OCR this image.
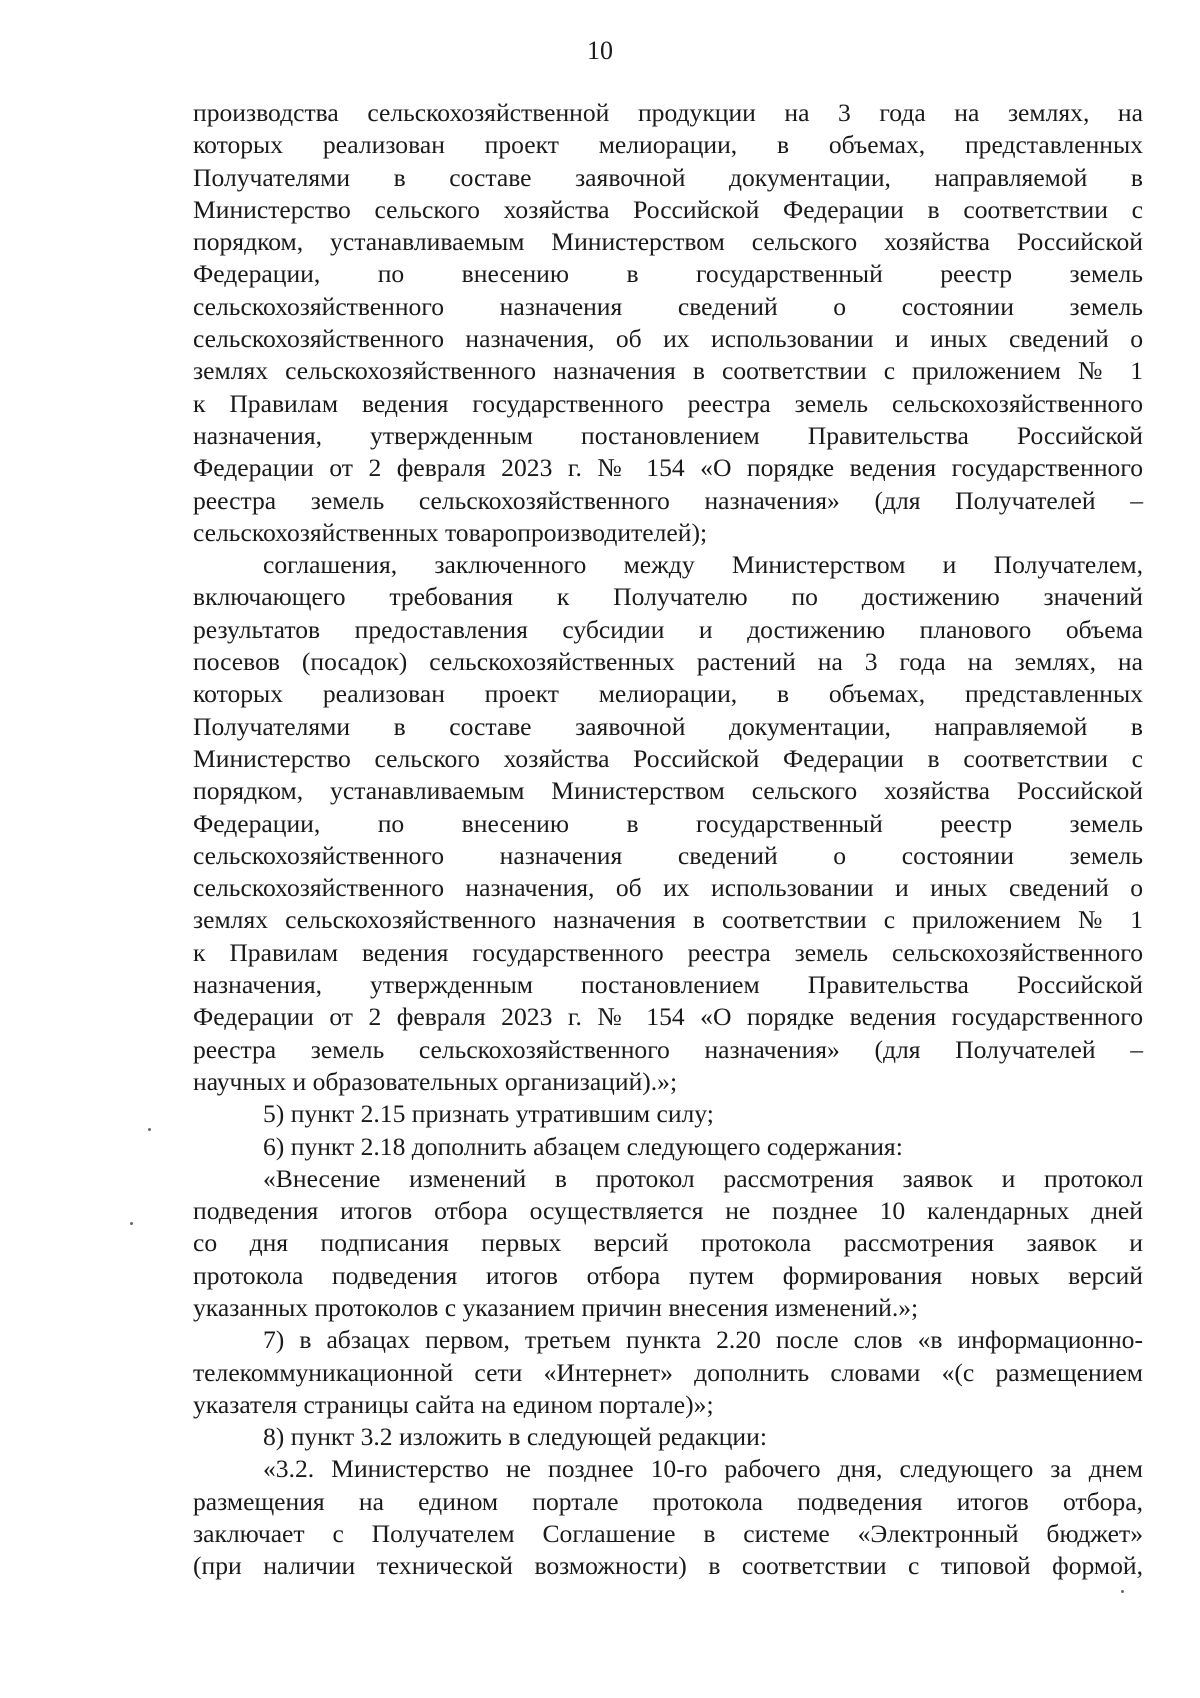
10
производства сельскохозяйственной продукции на 3 года на землях, на
которых реализован проект мелиорации, в объемах, представленных
Получателями в составе заявочной документации, направляемой в
Министерство сельского хозяйства Российской Федерации в соответствии с
порядком, устанавливаемым Министерством сельского хозяйства Российской
Федерации, по внесению в государственный реестр земель
сельскохозяйственного назначения сведений о состоянии земель
сельскохозяйственного назначения, об их использовании и иных сведений о
землях сельскохозяйственного назначения в соответствии с приложением № 1
к Правилам ведения государственного реестра земель сельскохозяйственного
назначения, утвержденным постановлением Правительства Российской
Федерации от 2 февраля 2023 г. № 154 «О порядке ведения государственного
реестра земель сельскохозяйственного назначения» (для Получателей –
сельскохозяйственных товаропроизводителей);
соглашения, заключенного между Министерством и Получателем,
включающего требования к Получателю по достижению значений
результатов предоставления субсидии и достижению планового объема
посевов (посадок) сельскохозяйственных растений на 3 года на землях, на
которых реализован проект мелиорации, в объемах, представленных
Получателями в составе заявочной документации, направляемой в
Министерство сельского хозяйства Российской Федерации в соответствии с
порядком, устанавливаемым Министерством сельского хозяйства Российской
Федерации, по внесению в государственный реестр земель
сельскохозяйственного назначения сведений о состоянии земель
сельскохозяйственного назначения, об их использовании и иных сведений о
землях сельскохозяйственного назначения в соответствии с приложением № 1
к Правилам ведения государственного реестра земель сельскохозяйственного
назначения, утвержденным постановлением Правительства Российской
Федерации от 2 февраля 2023 г. № 154 «О порядке ведения государственного
реестра земель сельскохозяйственного назначения» (для Получателей –
научных и образовательных организаций).»;
5) пункт 2.15 признать утратившим силу;
6) пункт 2.18 дополнить абзацем следующего содержания:
«Внесение изменений в протокол рассмотрения заявок и протокол
подведения итогов отбора осуществляется не позднее 10 календарных дней
со дня подписания первых версий протокола рассмотрения заявок и
протокола подведения итогов отбора путем формирования новых версий
указанных протоколов с указанием причин внесения изменений.»;
7) в абзацах первом, третьем пункта 2.20 после слов «в информационно-
телекоммуникационной сети «Интернет» дополнить словами «(с размещением
указателя страницы сайта на едином портале)»;
8) пункт 3.2 изложить в следующей редакции:
«3.2. Министерство не позднее 10-го рабочего дня, следующего за днем
размещения на едином портале протокола подведения итогов отбора,
заключает с Получателем Соглашение в системе «Электронный бюджет»
(при наличии технической возможности) в соответствии с типовой формой,
